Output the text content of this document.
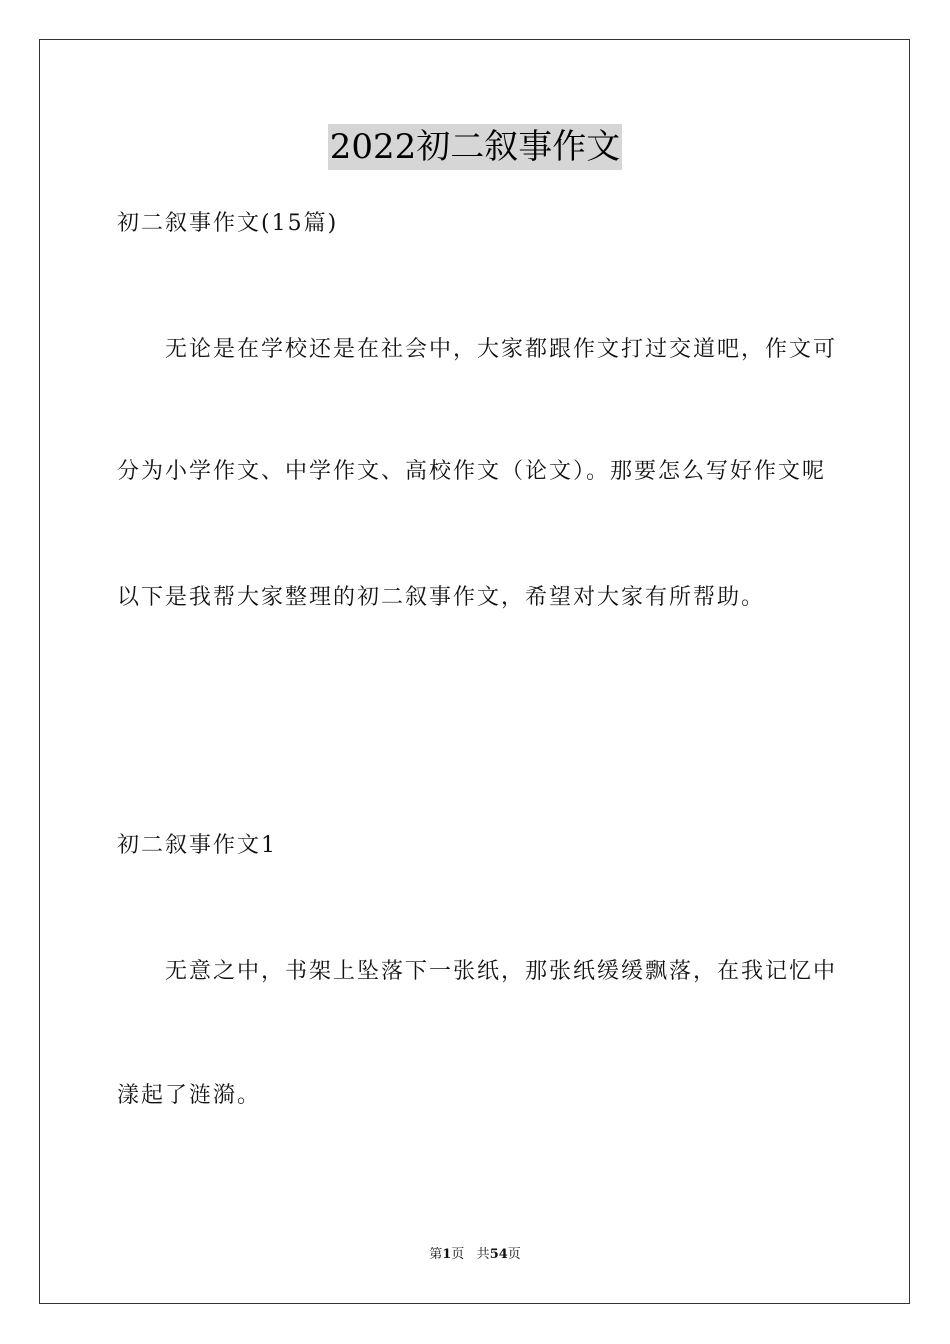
2022初二叙事作文
初二叙事作文(15篇)
无论是在学校还是在社会中，大家都跟作文打过交道吧，作文可
分为小学作文、中学作文、高校作文（论文）。那要怎么写好作文呢
以下是我帮大家整理的初二叙事作文，希望对大家有所帮助。
初二叙事作文1
无意之中，书架上坠落下一张纸，那张纸缓缓飘落，在我记忆中
漾起了涟漪。
第1页 共54页
